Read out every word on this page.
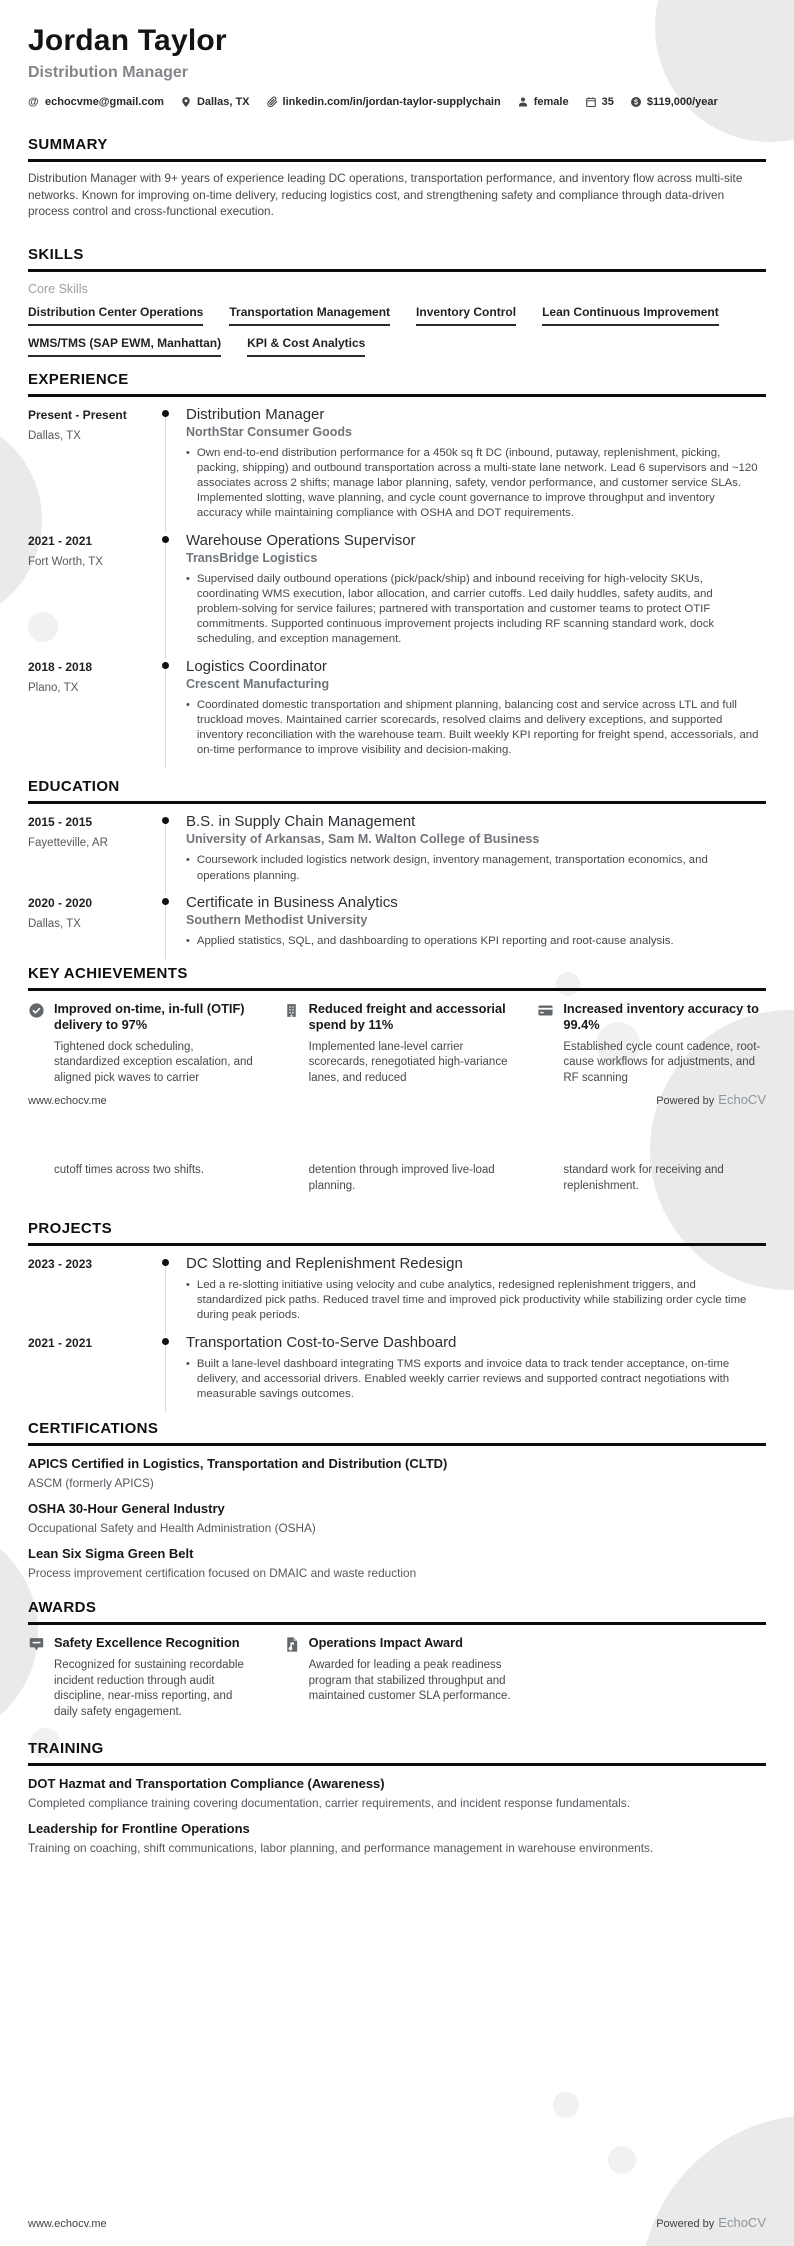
Jordan Taylor
Distribution Manager
@ echocvme@gmail.com	Dallas, TX	linkedin.com/in/jordan-taylor-supplychain	female	35	$119,000/year
SUMMARY
Distribution Manager with 9+ years of experience leading DC operations, transportation performance, and inventory flow across multi-site networks. Known for improving on-time delivery, reducing logistics cost, and strengthening safety and compliance through data-driven process control and cross-functional execution.
SKILLS
Core Skills
Distribution Center Operations Transportation Management Inventory Control Lean Continuous Improvement
WMS/TMS (SAP EWM, Manhattan) KPI & Cost Analytics
EXPERIENCE
Present - Present
Dallas, TX
Distribution Manager
NorthStar Consumer Goods
• Own end-to-end distribution performance for a 450k sq ft DC (inbound, putaway, replenishment, picking, packing, shipping) and outbound transportation across a multi-state lane network. Lead 6 supervisors and ~120 associates across 2 shifts; manage labor planning, safety, vendor performance, and customer service SLAs. Implemented slotting, wave planning, and cycle count governance to improve throughput and inventory accuracy while maintaining compliance with OSHA and DOT requirements.
2021 - 2021
Fort Worth, TX
Warehouse Operations Supervisor
TransBridge Logistics
• Supervised daily outbound operations (pick/pack/ship) and inbound receiving for high-velocity SKUs, coordinating WMS execution, labor allocation, and carrier cutoffs. Led daily huddles, safety audits, and problem-solving for service failures; partnered with transportation and customer teams to protect OTIF commitments. Supported continuous improvement projects including RF scanning standard work, dock scheduling, and exception management.
2018 - 2018
Plano, TX
Logistics Coordinator
Crescent Manufacturing
• Coordinated domestic transportation and shipment planning, balancing cost and service across LTL and full truckload moves. Maintained carrier scorecards, resolved claims and delivery exceptions, and supported inventory reconciliation with the warehouse team. Built weekly KPI reporting for freight spend, accessorials, and on-time performance to improve visibility and decision-making.
EDUCATION
2015 - 2015
Fayetteville, AR
B.S. in Supply Chain Management
University of Arkansas, Sam M. Walton College of Business
• Coursework included logistics network design, inventory management, transportation economics, and operations planning.
2020 - 2020
Dallas, TX
Certificate in Business Analytics
Southern Methodist University
• Applied statistics, SQL, and dashboarding to operations KPI reporting and root-cause analysis.
KEY ACHIEVEMENTS
Improved on-time, in-full (OTIF) delivery to 97%
Tightened dock scheduling, standardized exception escalation, and aligned pick waves to carrier
Reduced freight and accessorial spend by 11%
Implemented lane-level carrier scorecards, renegotiated high-variance lanes, and reduced
Increased inventory accuracy to 99.4%
Established cycle count cadence, root-cause workflows for adjustments, and RF scanning
www.echocv.me	Powered by EchoCV
cutoff times across two shifts.	detention through improved live-load planning.
standard work for receiving and replenishment.
PROJECTS
2023 - 2023	DC Slotting and Replenishment Redesign
• Led a re-slotting initiative using velocity and cube analytics, redesigned replenishment triggers, and standardized pick paths. Reduced travel time and improved pick productivity while stabilizing order cycle time during peak periods.
2021 - 2021	Transportation Cost-to-Serve Dashboard
• Built a lane-level dashboard integrating TMS exports and invoice data to track tender acceptance, on-time delivery, and accessorial drivers. Enabled weekly carrier reviews and supported contract negotiations with measurable savings outcomes.
CERTIFICATIONS
APICS Certified in Logistics, Transportation and Distribution (CLTD)
ASCM (formerly APICS)
OSHA 30-Hour General Industry
Occupational Safety and Health Administration (OSHA)
Lean Six Sigma Green Belt
Process improvement certification focused on DMAIC and waste reduction
AWARDS
Safety Excellence Recognition
Recognized for sustaining recordable incident reduction through audit discipline, near-miss reporting, and daily safety engagement.
Operations Impact Award
Awarded for leading a peak readiness program that stabilized throughput and maintained customer SLA performance.
TRAINING
DOT Hazmat and Transportation Compliance (Awareness)
Completed compliance training covering documentation, carrier requirements, and incident response fundamentals.
Leadership for Frontline Operations
Training on coaching, shift communications, labor planning, and performance management in warehouse environments.
www.echocv.me	Powered by EchoCV
